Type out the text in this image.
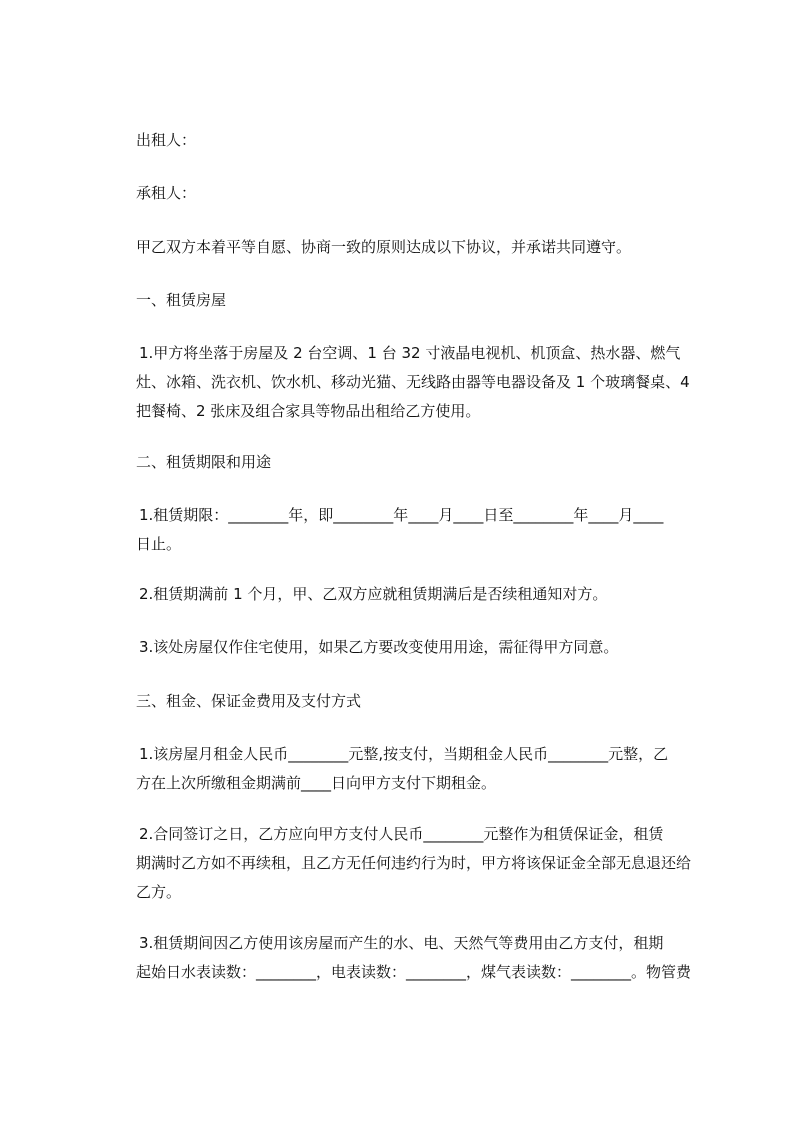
出租人：

承租人：

甲乙双方本着平等自愿、协商一致的原则达成以下协议，并承诺共同遵守。

一、租赁房屋

1.甲方将坐落于房屋及 2 台空调、1 台 32 寸液晶电视机、机顶盒、热水器、燃气
灶、冰箱、洗衣机、饮水机、移动光猫、无线路由器等电器设备及 1 个玻璃餐桌、4
把餐椅、2 张床及组合家具等物品出租给乙方使用。

二、租赁期限和用途

1.租赁期限：________年，即________年____月____日至________年____月____
日止。

2.租赁期满前 1 个月，甲、乙双方应就租赁期满后是否续租通知对方。

3.该处房屋仅作住宅使用，如果乙方要改变使用用途，需征得甲方同意。

三、租金、保证金费用及支付方式

1.该房屋月租金人民币________元整,按支付，当期租金人民币________元整，乙
方在上次所缴租金期满前____日向甲方支付下期租金。

2.合同签订之日，乙方应向甲方支付人民币________元整作为租赁保证金，租赁
期满时乙方如不再续租，且乙方无任何违约行为时，甲方将该保证金全部无息退还给
乙方。

3.租赁期间因乙方使用该房屋而产生的水、电、天然气等费用由乙方支付，租期
起始日水表读数：________，电表读数：________，煤气表读数：________。物管费
